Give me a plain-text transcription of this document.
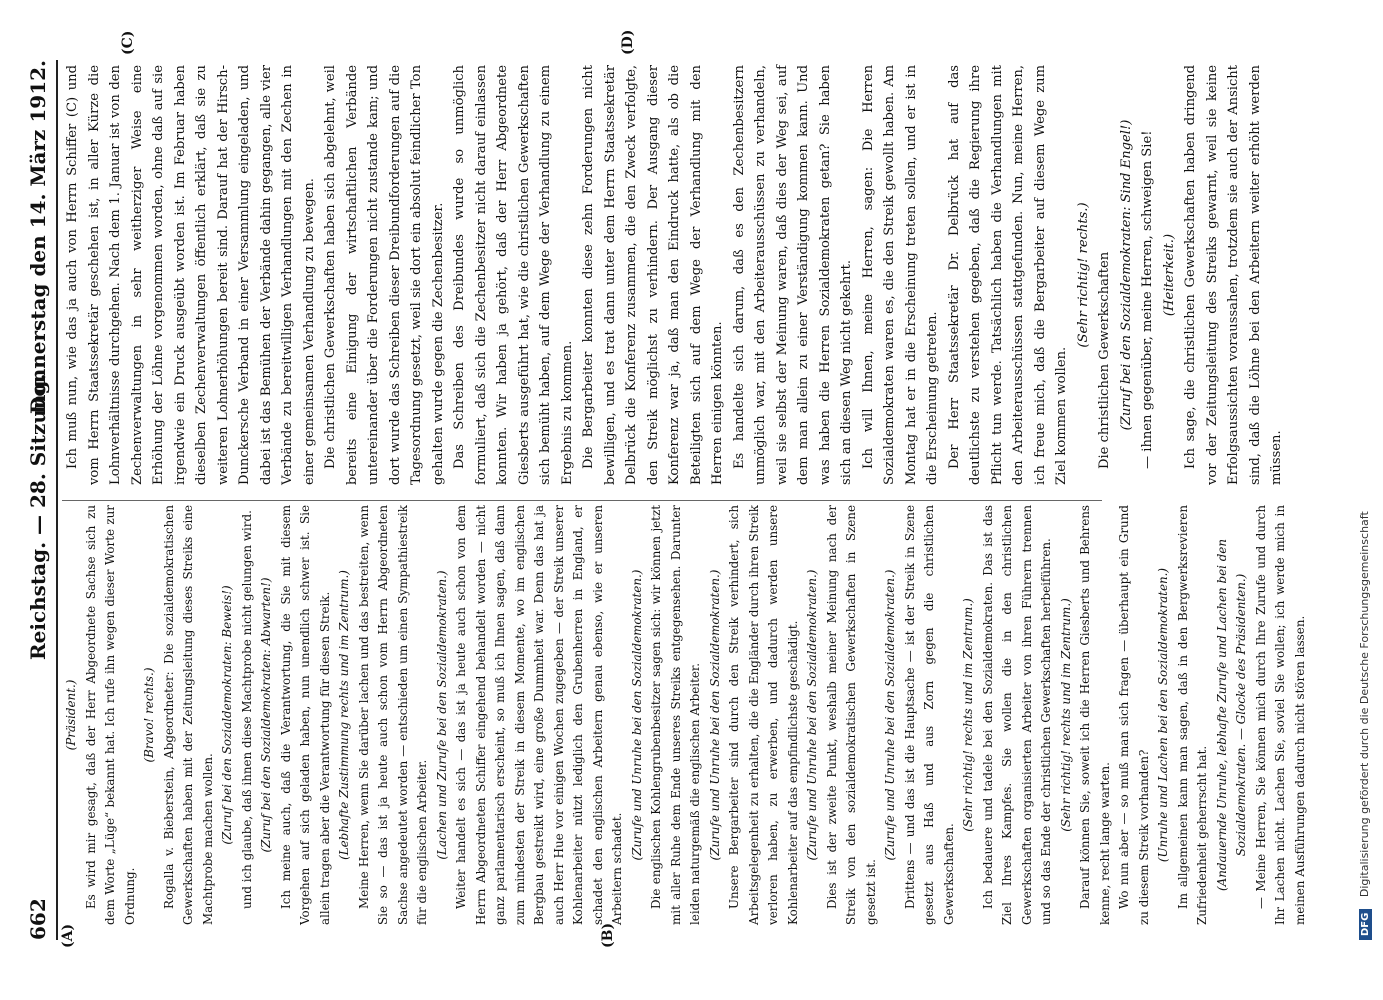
662
Reichstag. — 28. Sitzung.
Donnerstag den 14. März 1912.
(A)	(B)
(C)	(D)

(Präsident.) Es wird mir gesagt, daß der Herr Abgeordnete Sachse sich zu dem Worte „Lüge“ bekannt hat. Ich rufe ihn wegen dieser Worte zur Ordnung.

(Bravo! rechts.) Rogalla v. Bieberstein, Abgeordneter: Die sozialdemokratischen Gewerkschaften haben mit der Zeitungsleitung dieses Streiks eine Machtprobe machen wollen. (Zuruf bei den Sozialdemokraten: Beweis!) und ich glaube, daß ihnen diese Machtprobe nicht gelungen wird. (Zuruf bei den Sozialdemokraten: Abwarten!) Ich meine auch, daß die Verantwortung, die Sie mit diesem Vorgehen auf sich geladen haben, nun unendlich schwer ist. Sie allein tragen aber die Verantwortung für diesen Streik. (Lebhafte Zustimmung rechts und im Zentrum.) Meine Herren, wenn Sie darüber lachen und das bestreiten, wenn Sie so — das ist ja heute auch schon vom Herrn Abgeordneten Sachse angedeutet worden — entschieden um einen Sympathiestreik für die englischen Arbeiter. (Lachen und Zurufe bei den Sozialdemokraten.) Weiter handelt es sich — das ist ja heute auch schon von dem Herrn Abgeordneten Schiffer eingehend behandelt worden — nicht ganz parlamentarisch erscheint, so muß ich Ihnen sagen, daß dann zum mindesten der Streik in diesem Momente, wo im englischen Bergbau gestreikt wird, eine große Dummheit war. Denn das hat ja auch Herr Hue vor einigen Wochen zugegeben — der Streik unserer Kohlenarbeiter nützt lediglich den Grubenherren in England, er schadet den englischen Arbeitern genau ebenso, wie er unseren Arbeitern schadet.

(Zurufe und Unruhe bei den Sozialdemokraten.) Die englischen Kohlengrubenbesitzer sagen sich: wir können jetzt mit aller Ruhe dem Ende unseres Streiks entgegensehen. Darunter leiden naturgemäß die englischen Arbeiter. (Zurufe und Unruhe bei den Sozialdemokraten.) Unsere Bergarbeiter sind durch den Streik verhindert, sich Arbeitsgelegenheit zu erhalten, die die Engländer durch ihren Streik verloren haben, zu erwerben, und dadurch werden unsere Kohlenarbeiter auf das empfindlichste geschädigt. (Zurufe und Unruhe bei den Sozialdemokraten.) Dies ist der zweite Punkt, weshalb meiner Meinung nach der Streik von den sozialdemokratischen Gewerkschaften in Szene gesetzt ist.

(Zurufe und Unruhe bei den Sozialdemokraten.) Drittens — und das ist die Hauptsache — ist der Streik in Szene gesetzt aus Haß und aus Zorn gegen die christlichen Gewerkschaften.

(Sehr richtig! rechts und im Zentrum.) Ich bedauere und tadele bei den Sozialdemokraten. Das ist das Ziel Ihres Kampfes. Sie wollen die in den christlichen Gewerkschaften organisierten Arbeiter von ihren Führern trennen und so das Ende der christlichen Gewerkschaften herbeiführen. (Sehr richtig! rechts und im Zentrum.) Darauf können Sie, soweit ich die Herren Giesberts und Behrens kenne, recht lange warten. Wo nun aber — so muß man sich fragen — überhaupt ein Grund zu diesem Streik vorhanden? (Unruhe und Lachen bei den Sozialdemokraten.) Im allgemeinen kann man sagen, daß in den Bergwerksrevieren Zufriedenheit geherrscht hat. (Andauernde Unruhe, lebhafte Zurufe und Lachen bei den Sozialdemokraten. — Glocke des Präsidenten.) — Meine Herren, Sie können mich durch Ihre Zurufe und durch Ihr Lachen nicht. Lachen Sie, soviel Sie wollen; ich werde mich in meinen Ausführungen dadurch nicht stören lassen.

Ich muß nun, wie das ja auch von Herrn Schiffer (C) und vom Herrn Staatssekretär geschehen ist, in aller Kürze die Lohnverhältnisse durchgehen. Nach dem 1. Januar ist von den Zechenverwaltungen in sehr weitherziger Weise eine Erhöhung der Löhne vorgenommen worden, ohne daß auf sie irgendwie ein Druck ausgeübt worden ist. Im Februar haben dieselben Zechenverwaltungen öffentlich erklärt, daß sie zu weiteren Lohnerhöhungen bereit sind. Darauf hat der Hirsch-Dunckersche Verband in einer Versammlung eingeladen, und dabei ist das Bemühen der Verbände dahin gegangen, alle vier Verbände zu bereitwilligen Verhandlungen mit den Zechen in einer gemeinsamen Verhandlung zu bewegen. Die christlichen Gewerkschaften haben sich abgelehnt, weil bereits eine Einigung der wirtschaftlichen Verbände untereinander über die Forderungen nicht zustande kam; und dort wurde das Schreiben dieser Dreibundforderungen auf die Tagesordnung gesetzt, weil sie dort ein absolut feindlicher Ton gehalten wurde gegen die Zechenbesitzer. Das Schreiben des Dreibundes wurde so unmöglich formuliert, daß sich die Zechenbesitzer nicht darauf einlassen konnten. Wir haben ja gehört, daß der Herr Abgeordnete Giesberts ausgeführt hat, wie die christlichen Gewerkschaften sich bemüht haben, auf dem Wege der Verhandlung zu einem Ergebnis zu kommen. Die Bergarbeiter konnten diese zehn Forderungen nicht bewilligen, und es trat dann unter dem Herrn Staatssekretär Delbrück die Konferenz zusammen, die den Zweck verfolgte, den Streik möglichst zu verhindern. Der Ausgang dieser Konferenz war ja, daß man den Eindruck hatte, als ob die Beteiligten sich auf dem Wege der Verhandlung mit den Herren einigen könnten. Es handelte sich darum, daß es den Zechenbesitzern unmöglich war, mit den Arbeiterausschüssen zu verhandeln, weil sie selbst der Meinung waren, daß dies der Weg sei, auf dem man allein zu einer Verständigung kommen kann. Und was haben die Herren Sozialdemokraten getan? Sie haben sich an diesen Weg nicht gekehrt. Ich will Ihnen, meine Herren, sagen: Die Herren Sozialdemokraten waren es, die den Streik gewollt haben. Am Montag hat er in die Erscheinung treten sollen, und er ist in die Erscheinung getreten. Der Herr Staatssekretär Dr. Delbrück hat auf das deutlichste zu verstehen gegeben, daß die Regierung ihre Pflicht tun werde. Tatsächlich haben die Verhandlungen mit den Arbeiterausschüssen stattgefunden. Nun, meine Herren, ich freue mich, daß die Bergarbeiter auf diesem Wege zum Ziel kommen wollen.

(Sehr richtig! rechts.) Die christlichen Gewerkschaften (Zuruf bei den Sozialdemokraten: Sind Engel!) — ihnen gegenüber, meine Herren, schweigen Sie! (Heiterkeit.) Ich sage, die christlichen Gewerkschaften haben dringend vor der Zeitungsleitung des Streiks gewarnt, weil sie keine Erfolgsaussichten voraussahen, trotzdem sie auch der Ansicht sind, daß die Löhne bei den Arbeitern weiter erhöht werden müssen.

DFG Digitalisierung gefördert durch die Deutsche Forschungsgemeinschaft
